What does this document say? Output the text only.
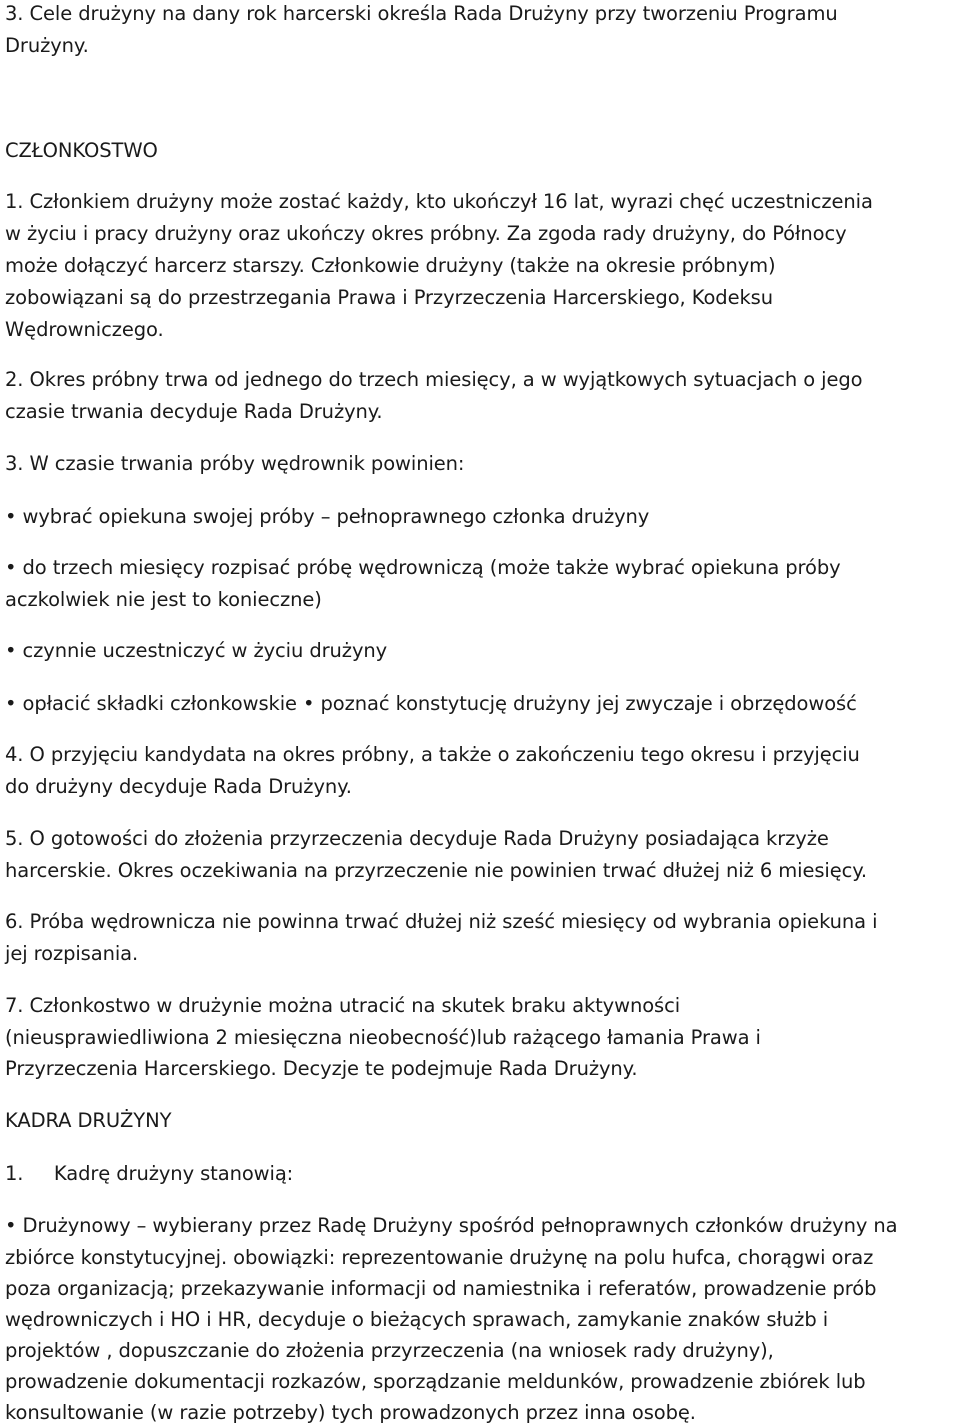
3. Cele drużyny na dany rok harcerski określa Rada Drużyny przy tworzeniu Programu
Drużyny.
CZŁONKOSTWO
1. Członkiem drużyny może zostać każdy, kto ukończył 16 lat, wyrazi chęć uczestniczenia
w życiu i pracy drużyny oraz ukończy okres próbny. Za zgoda rady drużyny, do Północy
może dołączyć harcerz starszy. Członkowie drużyny (także na okresie próbnym)
zobowiązani są do przestrzegania Prawa i Przyrzeczenia Harcerskiego, Kodeksu
Wędrowniczego.
2. Okres próbny trwa od jednego do trzech miesięcy, a w wyjątkowych sytuacjach o jego
czasie trwania decyduje Rada Drużyny.
3. W czasie trwania próby wędrownik powinien:
• wybrać opiekuna swojej próby – pełnoprawnego członka drużyny
• do trzech miesięcy rozpisać próbę wędrowniczą (może także wybrać opiekuna próby
aczkolwiek nie jest to konieczne)
• czynnie uczestniczyć w życiu drużyny
• opłacić składki członkowskie • poznać konstytucję drużyny jej zwyczaje i obrzędowość
4. O przyjęciu kandydata na okres próbny, a także o zakończeniu tego okresu i przyjęciu
do drużyny decyduje Rada Drużyny.
5. O gotowości do złożenia przyrzeczenia decyduje Rada Drużyny posiadająca krzyże
harcerskie. Okres oczekiwania na przyrzeczenie nie powinien trwać dłużej niż 6 miesięcy.
6. Próba wędrownicza nie powinna trwać dłużej niż sześć miesięcy od wybrania opiekuna i
jej rozpisania.
7. Członkostwo w drużynie można utracić na skutek braku aktywności
(nieusprawiedliwiona 2 miesięczna nieobecność)lub rażącego łamania Prawa i
Przyrzeczenia Harcerskiego. Decyzje te podejmuje Rada Drużyny.
KADRA DRUŻYNY
1.     Kadrę drużyny stanowią:
• Drużynowy – wybierany przez Radę Drużyny spośród pełnoprawnych członków drużyny na
zbiórce konstytucyjnej. obowiązki: reprezentowanie drużynę na polu hufca, chorągwi oraz
poza organizacją; przekazywanie informacji od namiestnika i referatów, prowadzenie prób
wędrowniczych i HO i HR, decyduje o bieżących sprawach, zamykanie znaków służb i
projektów , dopuszczanie do złożenia przyrzeczenia (na wniosek rady drużyny),
prowadzenie dokumentacji rozkazów, sporządzanie meldunków, prowadzenie zbiórek lub
konsultowanie (w razie potrzeby) tych prowadzonych przez inna osobę.
